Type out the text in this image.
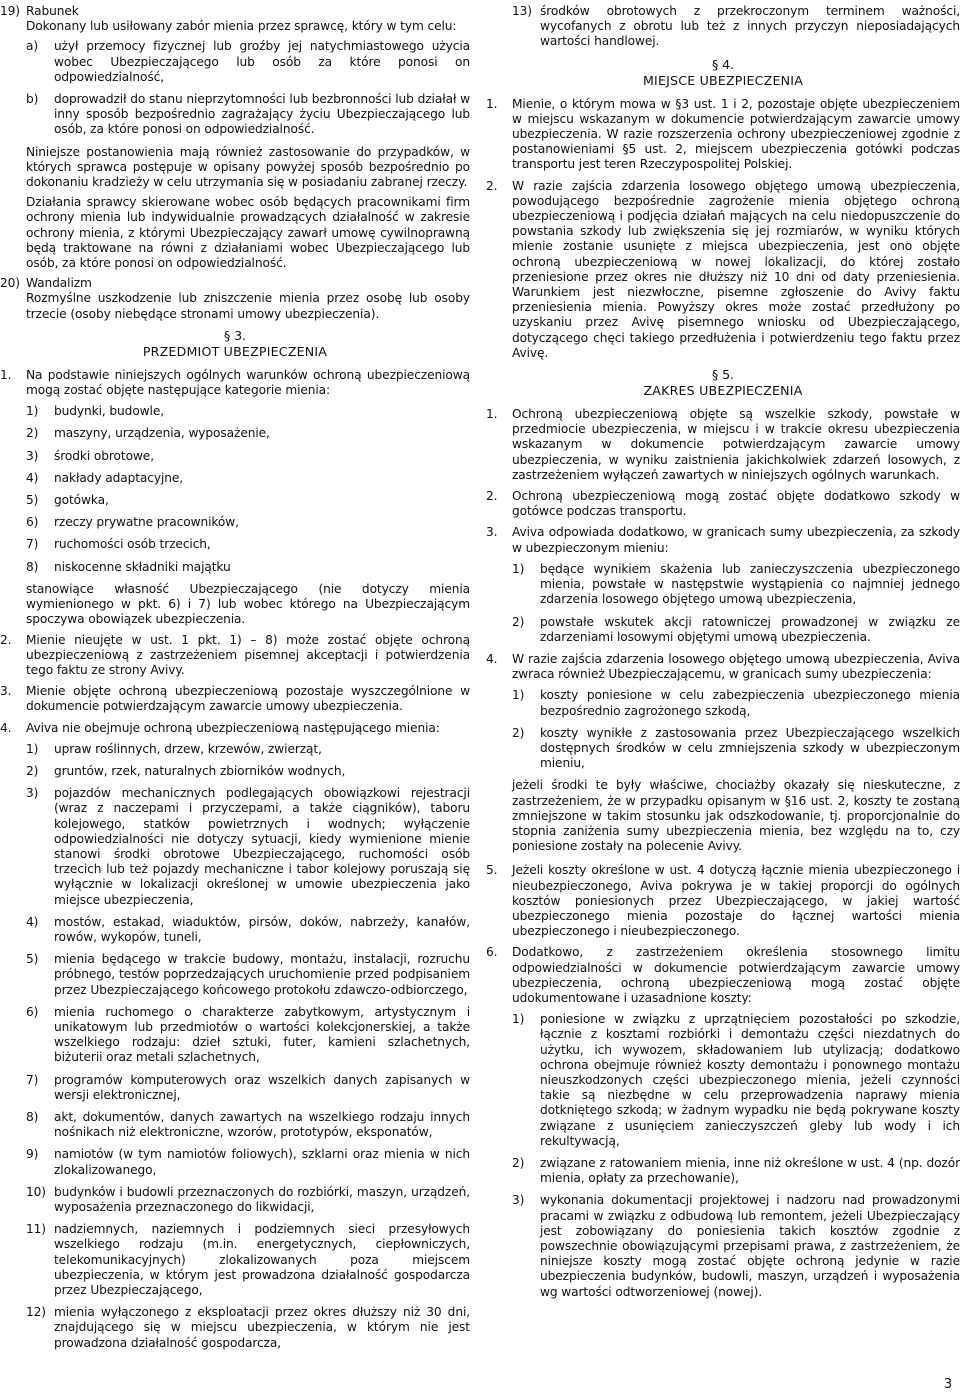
19) Rabunek
Dokonany lub usiłowany zabór mienia przez sprawcę, który w tym celu:
a)	użył przemocy fizycznej lub groźby jej natychmiastowego użycia wobec Ubezpieczającego lub osób za które ponosi on odpowiedzialność,
b)	doprowadził do stanu nieprzytomności lub bezbronności lub działał w inny sposób bezpośrednio zagrażający życiu Ubezpieczającego lub osób, za które ponosi on odpowiedzialność.
Niniejsze postanowienia mają również zastosowanie do przypadków, w których sprawca postępuje w opisany powyżej sposób bezpośrednio po dokonaniu kradzieży w celu utrzymania się w posiadaniu zabranej rzeczy.
Działania sprawcy skierowane wobec osób będących pracownikami firm ochrony mienia lub indywidualnie prowadzących działalność w zakresie ochrony mienia, z którymi Ubezpieczający zawarł umowę cywilnoprawną będą traktowane na równi z działaniami wobec Ubezpieczającego lub osób, za które ponosi on odpowiedzialność.
20) Wandalizm
Rozmyślne uszkodzenie lub zniszczenie mienia przez osobę lub osoby trzecie (osoby niebędące stronami umowy ubezpieczenia).
§ 3.
PRZEDMIOT UBEZPIECZENIA
1.	Na podstawie niniejszych ogólnych warunków ochroną ubezpieczeniową mogą zostać objęte następujące kategorie mienia:
1)	budynki, budowle,
2)	maszyny, urządzenia, wyposażenie,
3)	środki obrotowe,
4)	nakłady adaptacyjne,
5)	gotówka,
6)	rzeczy prywatne pracowników,
7)	ruchomości osób trzecich,
8)	niskocenne składniki majątku
stanowiące własność Ubezpieczającego (nie dotyczy mienia wymienionego w pkt. 6) i 7) lub wobec którego na Ubezpieczającym spoczywa obowiązek ubezpieczenia.
2.	Mienie nieujęte w ust. 1 pkt. 1) – 8) może zostać objęte ochroną ubezpieczeniową z zastrzeżeniem pisemnej akceptacji i potwierdzenia tego faktu ze strony Avivy.
3.	Mienie objęte ochroną ubezpieczeniową pozostaje wyszczególnione w dokumencie potwierdzającym zawarcie umowy ubezpieczenia.
4.	Aviva nie obejmuje ochroną ubezpieczeniową następującego mienia:
1)	upraw roślinnych, drzew, krzewów, zwierząt,
2)	gruntów, rzek, naturalnych zbiorników wodnych,
3)	pojazdów mechanicznych podlegających obowiązkowi rejestracji (wraz z naczepami i przyczepami, a także ciągników), taboru kolejowego, statków powietrznych i wodnych; wyłączenie odpowiedzialności nie dotyczy sytuacji, kiedy wymienione mienie stanowi środki obrotowe Ubezpieczającego, ruchomości osób trzecich lub też pojazdy mechaniczne i tabor kolejowy poruszają się wyłącznie w lokalizacji określonej w umowie ubezpieczenia jako miejsce ubezpieczenia,
4)	mostów, estakad, wiaduktów, pirsów, doków, nabrzeży, kanałów, rowów, wykopów, tuneli,
5)	mienia będącego w trakcie budowy, montażu, instalacji, rozruchu próbnego, testów poprzedzających uruchomienie przed podpisaniem przez Ubezpieczającego końcowego protokołu zdawczo-odbiorczego,
6)	mienia ruchomego o charakterze zabytkowym, artystycznym i unikatowym lub przedmiotów o wartości kolekcjonerskiej, a także wszelkiego rodzaju: dzieł sztuki, futer, kamieni szlachetnych, biżuterii oraz metali szlachetnych,
7)	programów komputerowych oraz wszelkich danych zapisanych w wersji elektronicznej,
8)	akt, dokumentów, danych zawartych na wszelkiego rodzaju innych nośnikach niż elektroniczne, wzorów, prototypów, eksponatów,
9)	namiotów (w tym namiotów foliowych), szklarni oraz mienia w nich zlokalizowanego,
10) budynków i budowli przeznaczonych do rozbiórki, maszyn, urządzeń, wyposażenia przeznaczonego do likwidacji,
11) nadziemnych, naziemnych i podziemnych sieci przesyłowych wszelkiego rodzaju (m.in. energetycznych, ciepłowniczych, telekomunikacyjnych) zlokalizowanych poza miejscem ubezpieczenia, w którym jest prowadzona działalność gospodarcza przez Ubezpieczającego,
12) mienia wyłączonego z eksploatacji przez okres dłuższy niż 30 dni, znajdującego się w miejscu ubezpieczenia, w którym nie jest prowadzona działalność gospodarcza,
13) środków obrotowych z przekroczonym terminem ważności, wycofanych z obrotu lub też z innych przyczyn nieposiadających wartości handlowej.
§ 4.
MIEJSCE UBEZPIECZENIA
1.	Mienie, o którym mowa w §3 ust. 1 i 2, pozostaje objęte ubezpieczeniem w miejscu wskazanym w dokumencie potwierdzającym zawarcie umowy ubezpieczenia. W razie rozszerzenia ochrony ubezpieczeniowej zgodnie z postanowieniami §5 ust. 2, miejscem ubezpieczenia gotówki podczas transportu jest teren Rzeczypospolitej Polskiej.
2.	W razie zajścia zdarzenia losowego objętego umową ubezpieczenia, powodującego bezpośrednie zagrożenie mienia objętego ochroną ubezpieczeniową i podjęcia działań mających na celu niedopuszczenie do powstania szkody lub zwiększenia się jej rozmiarów, w wyniku których mienie zostanie usunięte z miejsca ubezpieczenia, jest ono objęte ochroną ubezpieczeniową w nowej lokalizacji, do której zostało przeniesione przez okres nie dłuższy niż 10 dni od daty przeniesienia. Warunkiem jest niezwłoczne, pisemne zgłoszenie do Avivy faktu przeniesienia mienia. Powyższy okres może zostać przedłużony po uzyskaniu przez Avivę pisemnego wniosku od Ubezpieczającego, dotyczącego chęci takiego przedłużenia i potwierdzeniu tego faktu przez Avivę.
§ 5.
ZAKRES UBEZPIECZENIA
1.	Ochroną ubezpieczeniową objęte są wszelkie szkody, powstałe w przedmiocie ubezpieczenia, w miejscu i w trakcie okresu ubezpieczenia wskazanym w dokumencie potwierdzającym zawarcie umowy ubezpieczenia, w wyniku zaistnienia jakichkolwiek zdarzeń losowych, z zastrzeżeniem wyłączeń zawartych w niniejszych ogólnych warunkach.
2.	Ochroną ubezpieczeniową mogą zostać objęte dodatkowo szkody w gotówce podczas transportu.
3.	Aviva odpowiada dodatkowo, w granicach sumy ubezpieczenia, za szkody w ubezpieczonym mieniu:
1)	będące wynikiem skażenia lub zanieczyszczenia ubezpieczonego mienia, powstałe w następstwie wystąpienia co najmniej jednego zdarzenia losowego objętego umową ubezpieczenia,
2)	powstałe wskutek akcji ratowniczej prowadzonej w związku ze zdarzeniami losowymi objętymi umową ubezpieczenia.
4.	W razie zajścia zdarzenia losowego objętego umową ubezpieczenia, Aviva zwraca również Ubezpieczającemu, w granicach sumy ubezpieczenia:
1)	koszty poniesione w celu zabezpieczenia ubezpieczonego mienia bezpośrednio zagrożonego szkodą,
2)	koszty wynikłe z zastosowania przez Ubezpieczającego wszelkich dostępnych środków w celu zmniejszenia szkody w ubezpieczonym mieniu,
jeżeli środki te były właściwe, chociażby okazały się nieskuteczne, z zastrzeżeniem, że w przypadku opisanym w §16 ust. 2, koszty te zostaną zmniejszone w takim stosunku jak odszkodowanie, tj. proporcjonalnie do stopnia zaniżenia sumy ubezpieczenia mienia, bez względu na to, czy poniesione zostały na polecenie Avivy.
5.	Jeżeli koszty określone w ust. 4 dotyczą łącznie mienia ubezpieczonego i nieubezpieczonego, Aviva pokrywa je w takiej proporcji do ogólnych kosztów poniesionych przez Ubezpieczającego, w jakiej wartość ubezpieczonego mienia pozostaje do łącznej wartości mienia ubezpieczonego i nieubezpieczonego.
6.	Dodatkowo, z zastrzeżeniem określenia stosownego limitu odpowiedzialności w dokumencie potwierdzającym zawarcie umowy ubezpieczenia, ochroną ubezpieczeniową mogą zostać objęte udokumentowane i uzasadnione koszty:
1)	poniesione w związku z uprzątnięciem pozostałości po szkodzie, łącznie z kosztami rozbiórki i demontażu części niezdatnych do użytku, ich wywozem, składowaniem lub utylizacją; dodatkowo ochrona obejmuje również koszty demontażu i ponownego montażu nieuszkodzonych części ubezpieczonego mienia, jeżeli czynności takie są niezbędne w celu przeprowadzenia naprawy mienia dotkniętego szkodą; w żadnym wypadku nie będą pokrywane koszty związane z usunięciem zanieczyszczeń gleby lub wody i ich rekultywacją,
2)	związane z ratowaniem mienia, inne niż określone w ust. 4 (np. dozór mienia, opłaty za przechowanie),
3)	wykonania dokumentacji projektowej i nadzoru nad prowadzonymi pracami w związku z odbudową lub remontem, jeżeli Ubezpieczający jest zobowiązany do poniesienia takich kosztów zgodnie z powszechnie obowiązującymi przepisami prawa, z zastrzeżeniem, że niniejsze koszty mogą zostać objęte ochroną jedynie w razie ubezpieczenia budynków, budowli, maszyn, urządzeń i wyposażenia wg wartości odtworzeniowej (nowej).
3
